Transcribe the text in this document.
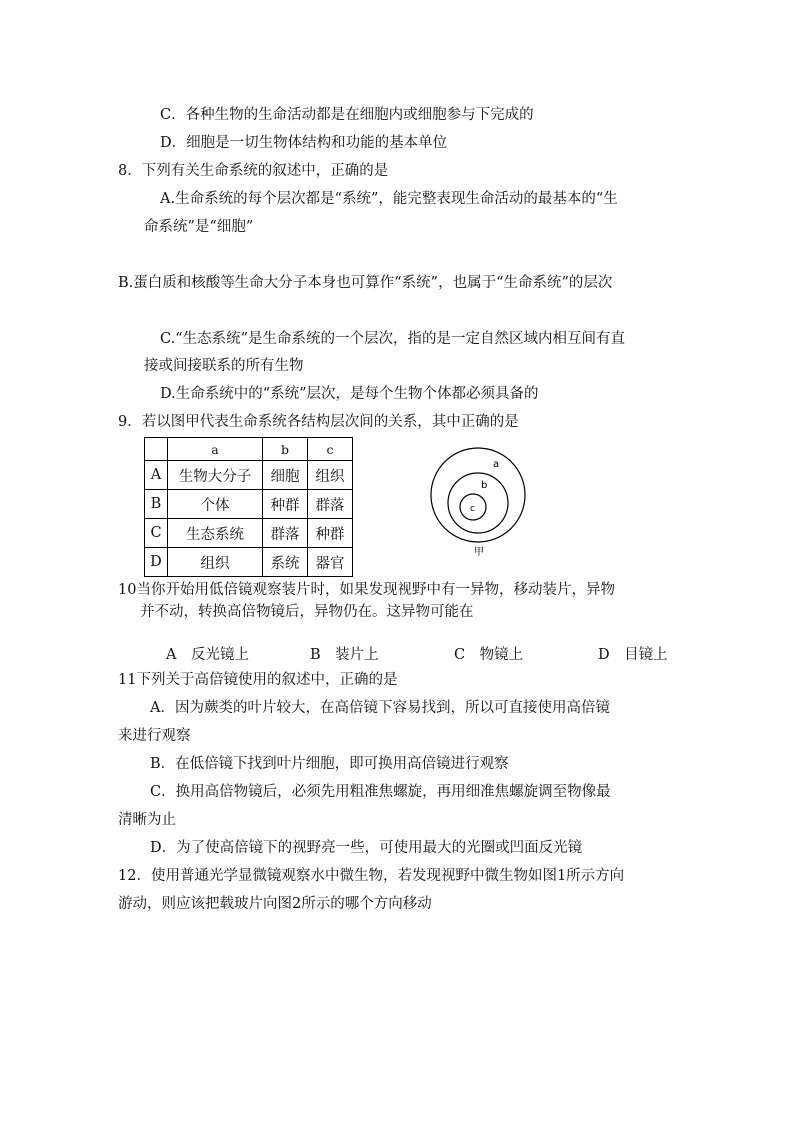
C．各种生物的生命活动都是在细胞内或细胞参与下完成的
D．细胞是一切生物体结构和功能的基本单位
8．下列有关生命系统的叙述中，正确的是
A.生命系统的每个层次都是“系统”，能完整表现生命活动的最基本的“生
命系统”是“细胞”
B.蛋白质和核酸等生命大分子本身也可算作“系统”，也属于“生命系统”的层次
C.“生态系统”是生命系统的一个层次，指的是一定自然区域内相互间有直
接或间接联系的所有生物
D.生命系统中的“系统”层次，是每个生物个体都必须具备的
9．若以图甲代表生命系统各结构层次间的关系，其中正确的是
	a	b	c
A	生物大分子	细胞	组织
B	个体	种群	群落
C	生态系统	群落	种群
D	组织	系统	器官
a
b
c
甲
10当你开始用低倍镜观察装片时，如果发现视野中有一异物，移动装片，异物
并不动，转换高倍物镜后，异物仍在。这异物可能在
A　反光镜上	B　装片上	C　物镜上	D　目镜上
11下列关于高倍镜使用的叙述中，正确的是
A．因为蕨类的叶片较大，在高倍镜下容易找到，所以可直接使用高倍镜
来进行观察
B．在低倍镜下找到叶片细胞，即可换用高倍镜进行观察
C．换用高倍物镜后，必须先用粗准焦螺旋，再用细准焦螺旋调至物像最
清晰为止
D．为了使高倍镜下的视野亮一些，可使用最大的光圈或凹面反光镜
12．使用普通光学显微镜观察水中微生物，若发现视野中微生物如图1所示方向
游动，则应该把载玻片向图2所示的哪个方向移动
